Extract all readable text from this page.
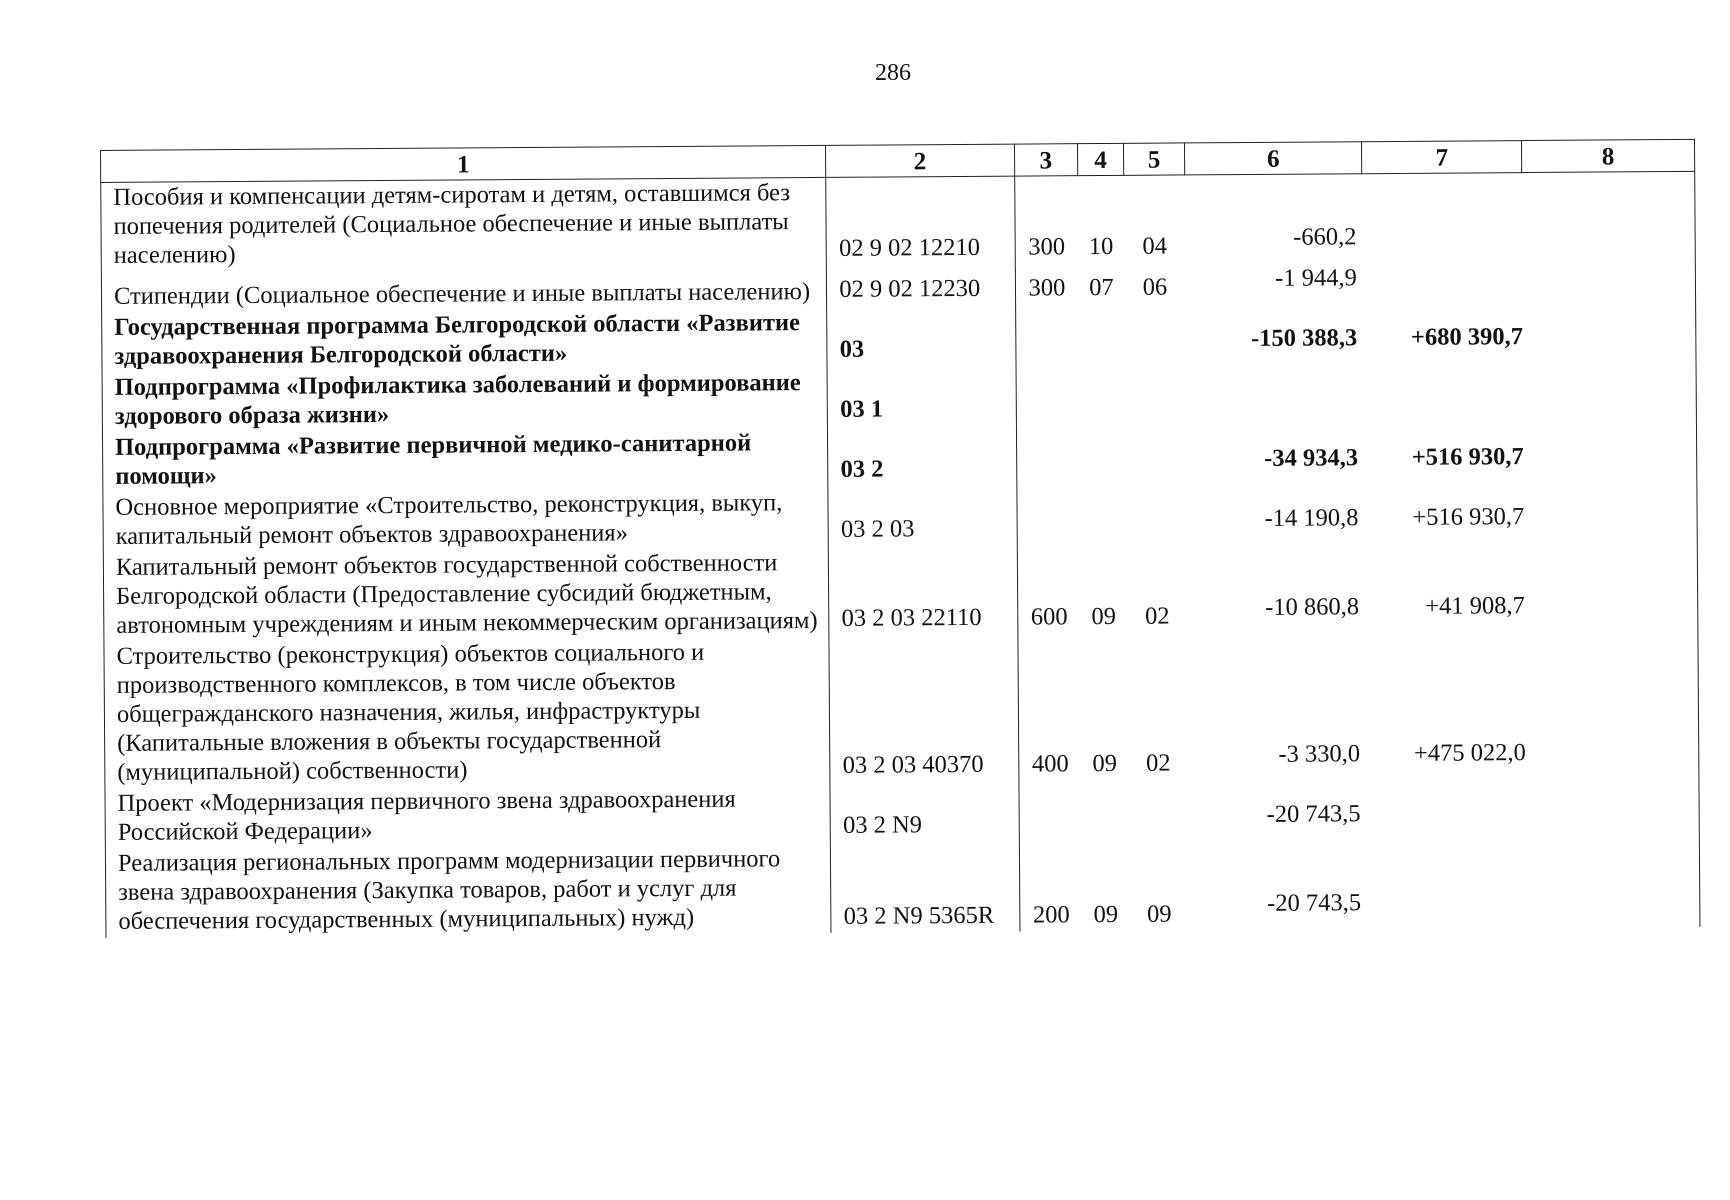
286
1	2	3	4	5	6	7	8
Пособия и компенсации детям-сиротам и детям, оставшимся без попечения родителей (Социальное обеспечение и иные выплаты населению)	02 9 02 12210	300	10	04	-660,2		
Стипендии (Социальное обеспечение и иные выплаты населению)	02 9 02 12230	300	07	06	-1 944,9		
Государственная программа Белгородской области «Развитие здравоохранения Белгородской области»	03				-150 388,3	+680 390,7	
Подпрограмма «Профилактика заболеваний и формирование здорового образа жизни»	03 1						
Подпрограмма «Развитие первичной медико-санитарной помощи»	03 2				-34 934,3	+516 930,7	
Основное мероприятие «Строительство, реконструкция, выкуп, капитальный ремонт объектов здравоохранения»	03 2 03				-14 190,8	+516 930,7	
Капитальный ремонт объектов государственной собственности Белгородской области (Предоставление субсидий бюджетным, автономным учреждениям и иным некоммерческим организациям)	03 2 03 22110	600	09	02	-10 860,8	+41 908,7	
Строительство (реконструкция) объектов социального и производственного комплексов, в том числе объектов общегражданского назначения, жилья, инфраструктуры (Капитальные вложения в объекты государственной (муниципальной) собственности)	03 2 03 40370	400	09	02	-3 330,0	+475 022,0	
Проект «Модернизация первичного звена здравоохранения Российской Федерации»	03 2 N9				-20 743,5		
Реализация региональных программ модернизации первичного звена здравоохранения (Закупка товаров, работ и услуг для обеспечения государственных (муниципальных) нужд)	03 2 N9 5365R	200	09	09	-20 743,5		
